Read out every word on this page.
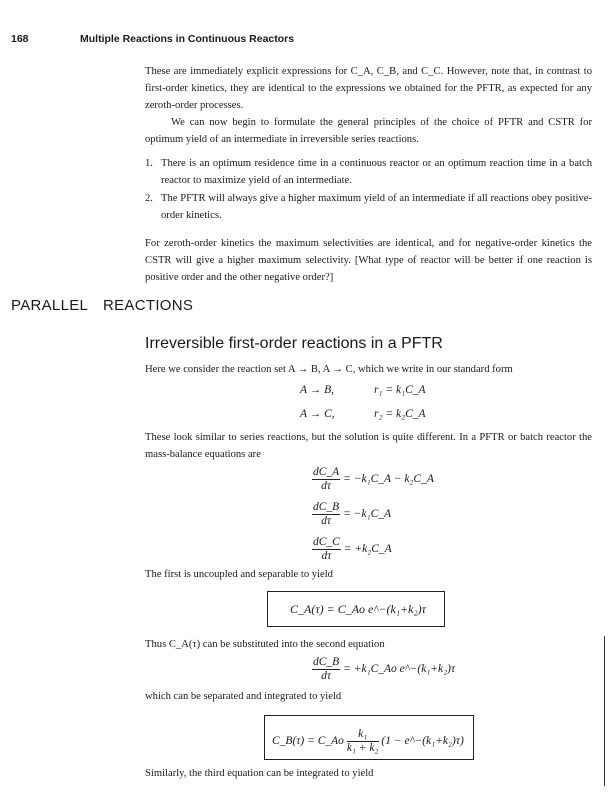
168	Multiple Reactions in Continuous Reactors
These are immediately explicit expressions for C_A, C_B, and C_C. However, note that, in contrast to first-order kinetics, they are identical to the expressions we obtained for the PFTR, as expected for any zeroth-order processes.
We can now begin to formulate the general principles of the choice of PFTR and CSTR for optimum yield of an intermediate in irreversible series reactions.
1. There is an optimum residence time in a continuous reactor or an optimum reaction time in a batch reactor to maximize yield of an intermediate.
2. The PFTR will always give a higher maximum yield of an intermediate if all reactions obey positive-order kinetics.
For zeroth-order kinetics the maximum selectivities are identical, and for negative-order kinetics the CSTR will give a higher maximum selectivity. [What type of reactor will be better if one reaction is positive order and the other negative order?]
PARALLEL REACTIONS
Irreversible first-order reactions in a PFTR
Here we consider the reaction set A → B, A → C, which we write in our standard form
A → B,	r₁ = k₁C_A
A → C,	r₂ = k₂C_A
These look similar to series reactions, but the solution is quite different. In a PFTR or batch reactor the mass-balance equations are
$\frac{dC\_A}{d\tau}$ = −k₁C_A − k₂C_A
$\frac{dC\_B}{d\tau}$ = −k₁C_A
$\frac{dC\_C}{d\tau}$ = +k₂C_A
The first is uncoupled and separable to yield
C_A(τ) = C_Ao e^−(k₁+k₂)τ
Thus C_A(τ) can be substituted into the second equation
$\frac{dC\_B}{d\tau}$ = +k₁C_Ao e^−(k₁+k₂)τ
which can be separated and integrated to yield
C_B(τ) = C_Ao $\frac{\text{k₁}}{\text{k₁ + k₂}} (1$ − e^−(k₁+k₂)τ)
Similarly, the third equation can be integrated to yield
